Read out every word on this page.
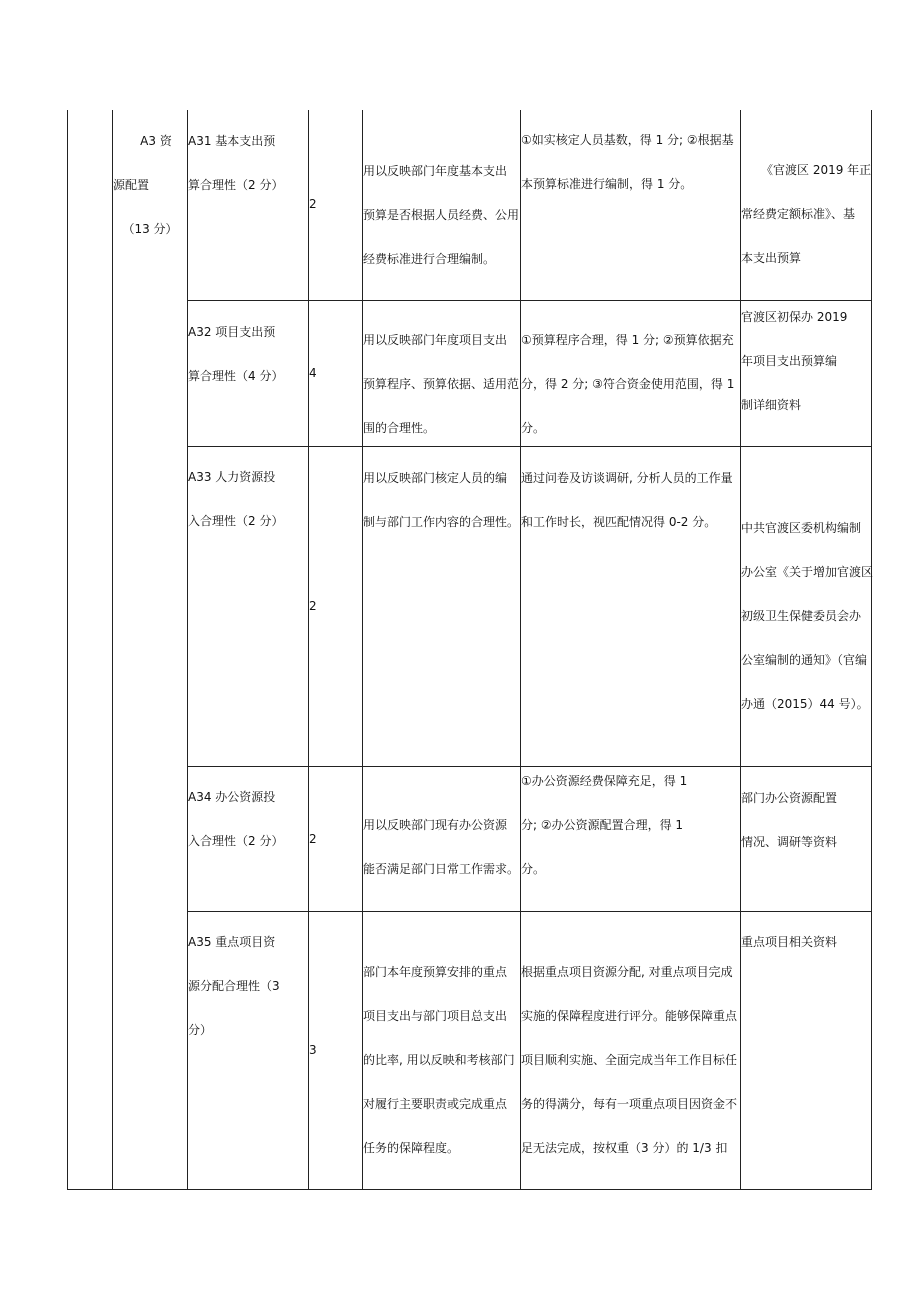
A3 资
源配置
（13 分）
A31 基本支出预
算合理性（2 分）
2
用以反映部门年度基本支出
预算是否根据人员经费、公用
经费标准进行合理编制。
①如实核定人员基数，得 1 分; ②根据基
本预算标准进行编制，得 1 分。
《官渡区 2019 年正
常经费定额标准》、基
本支出预算
A32 项目支出预
算合理性（4 分） 4
用以反映部门年度项目支出
预算程序、预算依据、适用范
围的合理性。
①预算程序合理，得 1 分; ②预算依据充
分，得 2 分; ③符合资金使用范围，得 1
分。
官渡区初保办 2019
年项目支出预算编
制详细资料
A33 人力资源投
入合理性（2 分）
2
用以反映部门核定人员的编
制与部门工作内容的合理性。
通过问卷及访谈调研, 分析人员的工作量
和工作时长，视匹配情况得 0-2 分。	中共官渡区委机构编制
办公室《关于增加官渡区
初级卫生保健委员会办
公室编制的通知》（官编
办通（2015）44 号）。
A34 办公资源投
入合理性（2 分） 2
用以反映部门现有办公资源
能否满足部门日常工作需求。
①办公资源经费保障充足，得 1
分; ②办公资源配置合理，得 1
分。
部门办公资源配置
情况、调研等资料
A35 重点项目资
源分配合理性（3
分）
3
部门本年度预算安排的重点
项目支出与部门项目总支出
的比率, 用以反映和考核部门
对履行主要职责或完成重点
任务的保障程度。
根据重点项目资源分配, 对重点项目完成
实施的保障程度进行评分。能够保障重点
项目顺利实施、全面完成当年工作目标任
务的得满分，每有一项重点项目因资金不
足无法完成，按权重（3 分）的 1/3 扣
重点项目相关资料
